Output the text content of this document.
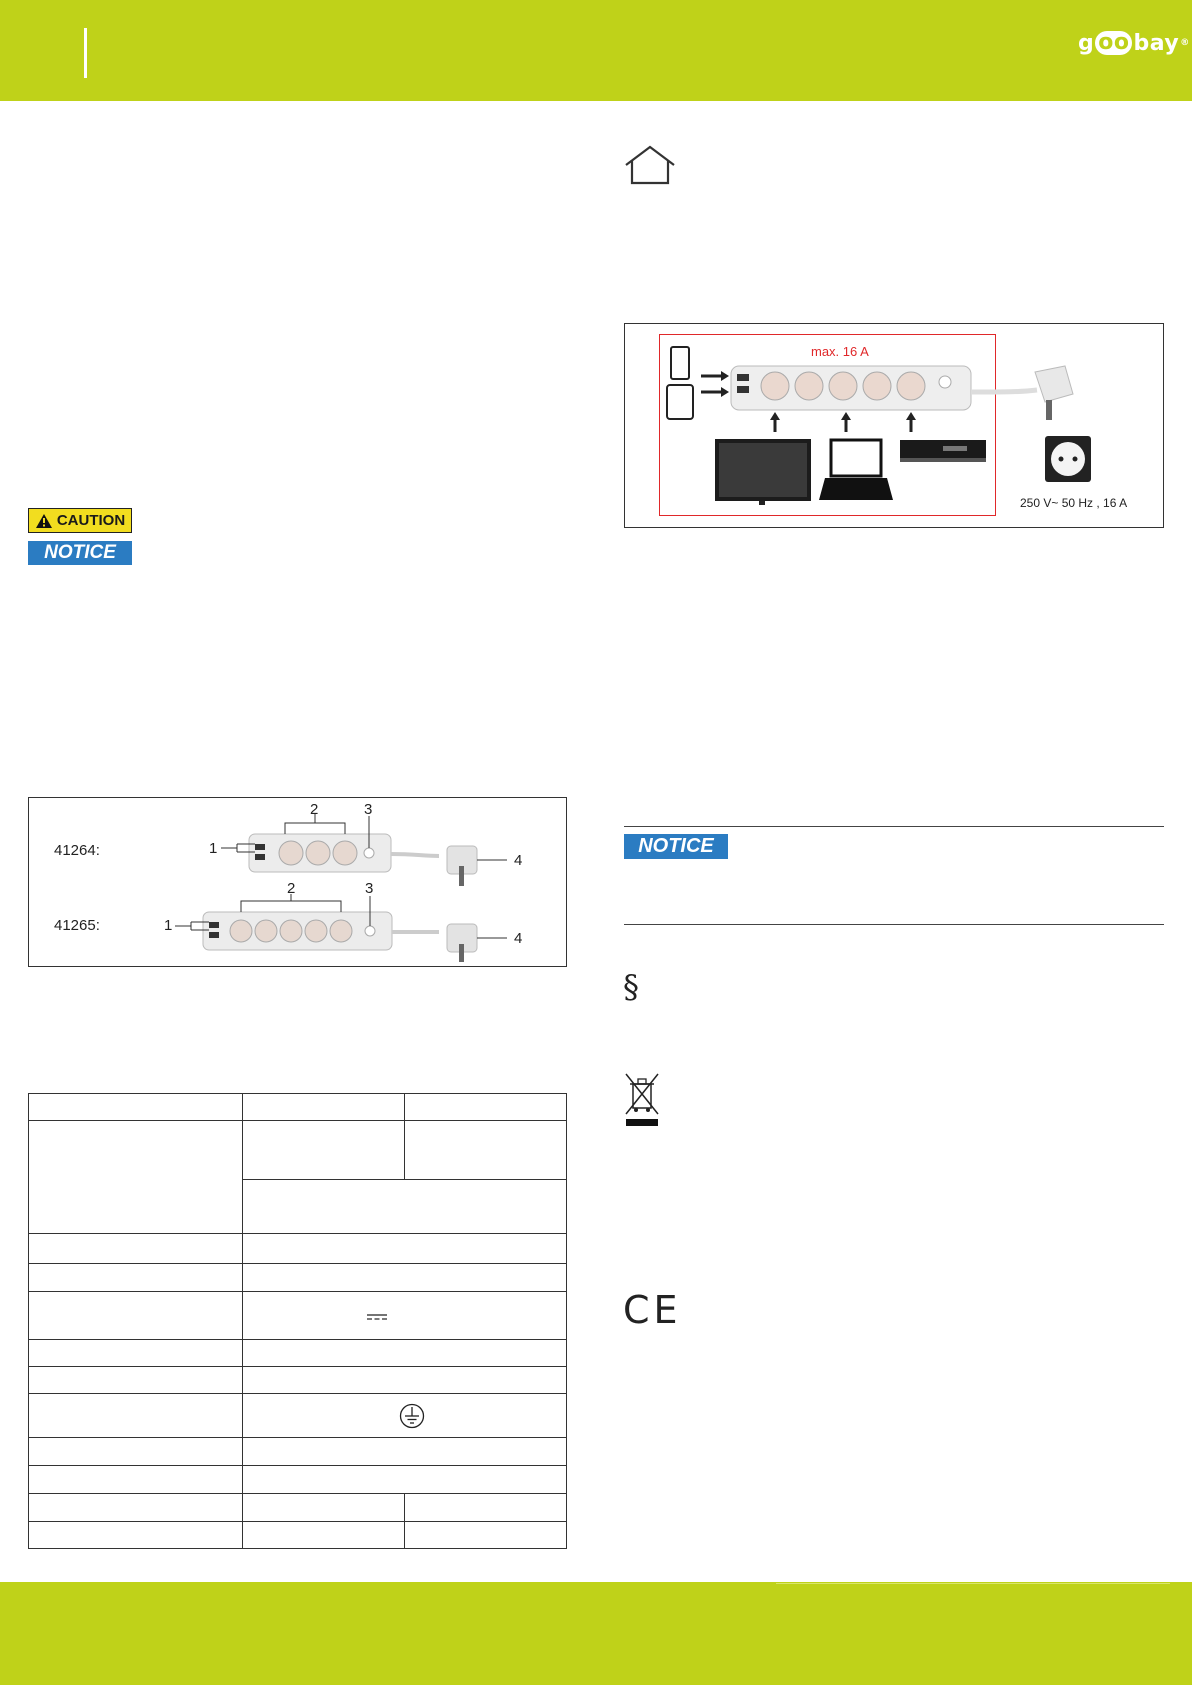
g oo bay ®
CAUTION
NOTICE
41264:
41265:
1
2	3
4
1
2	3
4

max. 16 A
250 V~ 50 Hz , 16 A
NOTICE
§
CE
